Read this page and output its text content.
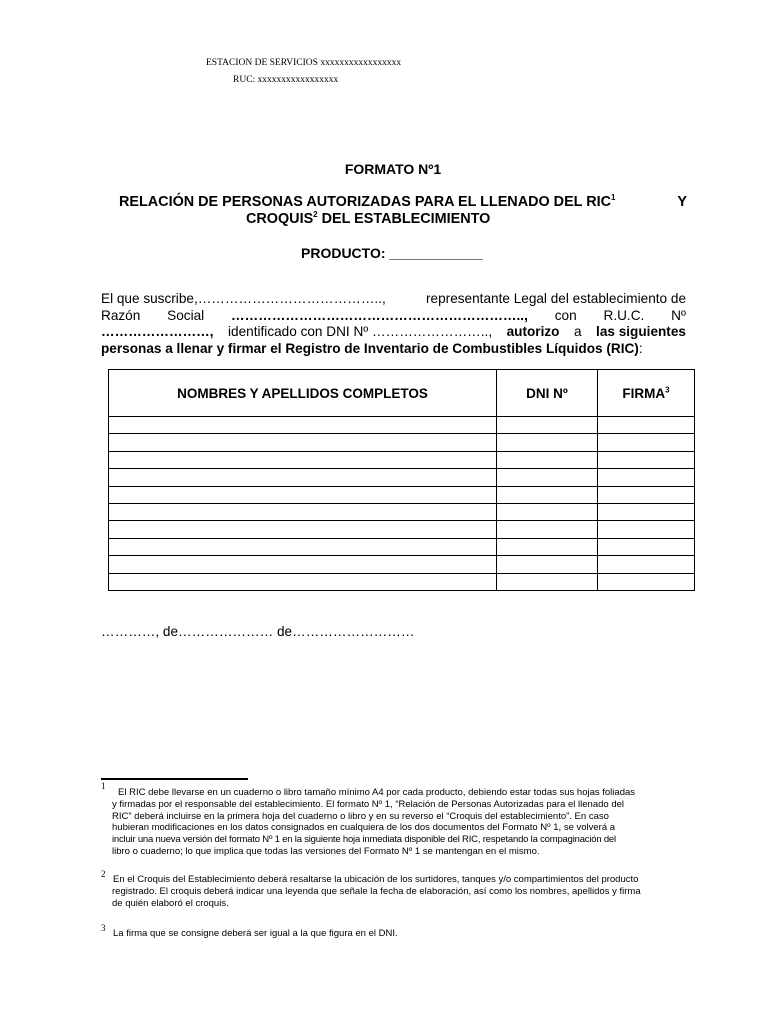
ESTACION DE SERVICIOS xxxxxxxxxxxxxxxxx
RUC: xxxxxxxxxxxxxxxxx
FORMATO Nº1
RELACIÓN DE PERSONAS AUTORIZADAS PARA EL LLENADO DEL RIC$^1$	Y
CROQUIS$^2$ DEL ESTABLECIMIENTO
PRODUCTO: ____________
El que suscribe,…………………………………..,	representante Legal del establecimiento de
Razón Social ……………………………………………………….., con R.U.C. Nº
……………………, identificado con DNI Nº …………………….., autorizo a las siguientes
personas a llenar y firmar el Registro de Inventario de Combustibles Líquidos (RIC):
NOMBRES Y APELLIDOS COMPLETOS	DNI Nº	FIRMA$^3$

…………, de………………… de………………………
1
El RIC debe llevarse en un cuaderno o libro tamaño mínimo A4 por cada producto, debiendo estar todas sus hojas foliadas
y firmadas por el responsable del establecimiento. El formato Nº 1, “Relación de Personas Autorizadas para el llenado del
RIC” deberá incluirse en la primera hoja del cuaderno o libro y en su reverso el “Croquis del establecimiento”. En caso
hubieran modificaciones en los datos consignados en cualquiera de los dos documentos del Formato Nº 1, se volverá a
incluir una nueva versión del formato Nº 1 en la siguiente hoja inmediata disponible del RIC, respetando la compaginación del
libro o cuaderno; lo que implica que todas las versiones del Formato Nº 1 se mantengan en el mismo.
2 En el Croquis del Establecimiento deberá resaltarse la ubicación de los surtidores, tanques y/o compartimientos del producto
registrado. El croquis deberá indicar una leyenda que señale la fecha de elaboración, así como los nombres, apellidos y firma
de quién elaboró el croquis.
3 La firma que se consigne deberá ser igual a la que figura en el DNI.
